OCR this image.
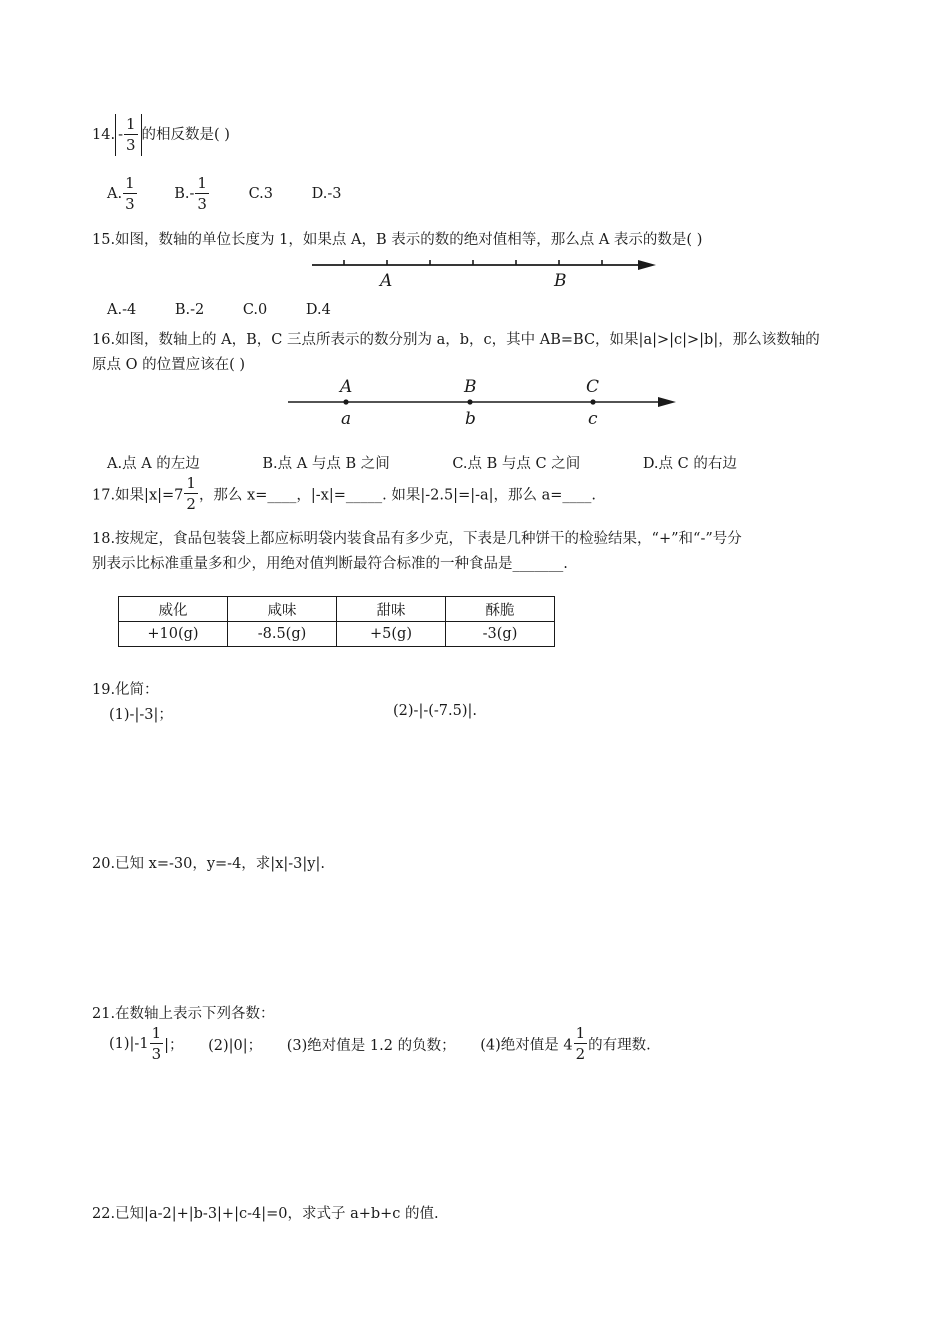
14. - $\frac{1}{3}$ 的相反数是( )
A. $\frac{1}{3}$	$B.- \frac{1}{3}$	C.3	D.-3
15.如图，数轴的单位长度为 1，如果点 A，B 表示的数的绝对值相等，那么点 A 表示的数是( )
A	B
A.-4	B.-2	C.0	D.4
16.如图，数轴上的 A，B，C 三点所表示的数分别为 a，b，c，其中 AB=BC，如果|a|>|c|>|b|，那么该数轴的
原点 O 的位置应该在( )
A	B	C
a	b	c
A.点 A 的左边	B.点 A 与点 B 之间	C.点 B 与点 C 之间	D.点 C 的右边
17.如果$|x|=7 \frac{1}{2}$ ，那么 x=____，|-x|=_____. 如果|-2.5|=|-a|，那么 a=____.
18.按规定，食品包装袋上都应标明袋内装食品有多少克，下表是几种饼干的检验结果，“+”和“-”号分
别表示比标准重量多和少，用绝对值判断最符合标准的一种食品是_______.
威化	咸味	甜味	酥脆
+10(g)	-8.5(g)	+5(g)	-3(g)
19.化简：
(1)-|-3|；	(2)-|-(-7.5)|.
20.已知 x=-30，y=-4，求|x|-3|y|.
21.在数轴上表示下列各数：
$(1)|-1 \frac{1}{3}$ |； (2)|0|； (3)绝对值是 1.2 的负数； (4)绝对值是 $4 \frac{1}{2}$ 的有理数.
22.已知|a-2|+|b-3|+|c-4|=0，求式子 a+b+c 的值.
